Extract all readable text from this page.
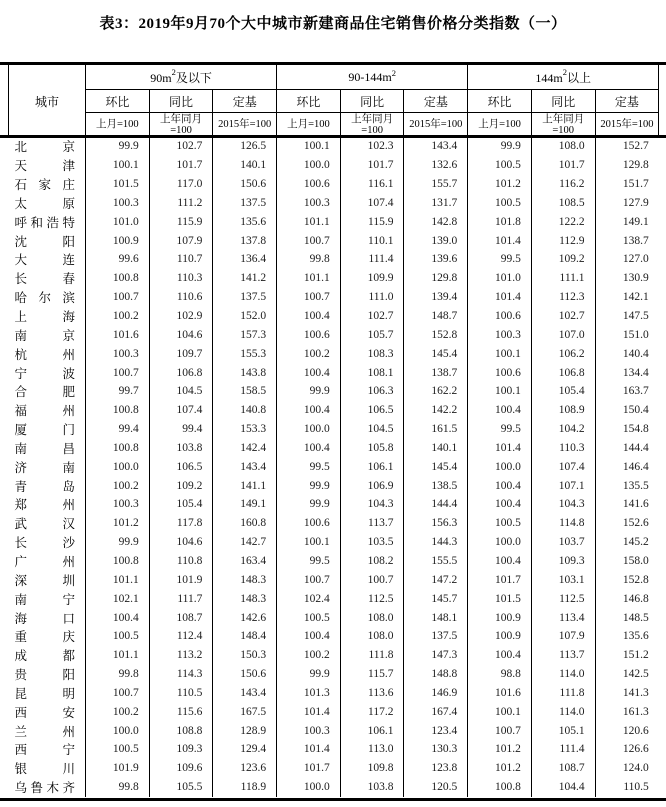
表3：2019年9月70个大中城市新建商品住宅销售价格分类指数（一）
城市	$90m^2$及以下			$90-144m^2$			$144m^2$以上		
	环比	同比	定基	环比	同比	定基	环比	同比	定基
	上月=100	上年同月=100	2015年=100	上月=100	上年同月=100	2015年=100	上月=100	上年同月=100	2015年=100
北京	99.9	102.7	126.5	100.1	102.3	143.4	99.9	108.0	152.7
天津	100.1	101.7	140.1	100.0	101.7	132.6	100.5	101.7	129.8
石家庄	101.5	117.0	150.6	100.6	116.1	155.7	101.2	116.2	151.7
太原	100.3	111.2	137.5	100.3	107.4	131.7	100.5	108.5	127.9
呼和浩特	101.0	115.9	135.6	101.1	115.9	142.8	101.8	122.2	149.1
沈阳	100.9	107.9	137.8	100.7	110.1	139.0	101.4	112.9	138.7
大连	99.6	110.7	136.4	99.8	111.4	139.6	99.5	109.2	127.0
长春	100.8	110.3	141.2	101.1	109.9	129.8	101.0	111.1	130.9
哈尔滨	100.7	110.6	137.5	100.7	111.0	139.4	101.4	112.3	142.1
上海	100.2	102.9	152.0	100.4	102.7	148.7	100.6	102.7	147.5
南京	101.6	104.6	157.3	100.6	105.7	152.8	100.3	107.0	151.0
杭州	100.3	109.7	155.3	100.2	108.3	145.4	100.1	106.2	140.4
宁波	100.7	106.8	143.8	100.4	108.1	138.7	100.6	106.8	134.4
合肥	99.7	104.5	158.5	99.9	106.3	162.2	100.1	105.4	163.7
福州	100.8	107.4	140.8	100.4	106.5	142.2	100.4	108.9	150.4
厦门	99.4	99.4	153.3	100.0	104.5	161.5	99.5	104.2	154.8
南昌	100.8	103.8	142.4	100.4	105.8	140.1	101.4	110.3	144.4
济南	100.0	106.5	143.4	99.5	106.1	145.4	100.0	107.4	146.4
青岛	100.2	109.2	141.1	99.9	106.9	138.5	100.4	107.1	135.5
郑州	100.3	105.4	149.1	99.9	104.3	144.4	100.4	104.3	141.6
武汉	101.2	117.8	160.8	100.6	113.7	156.3	100.5	114.8	152.6
长沙	99.9	104.6	142.7	100.1	103.5	144.3	100.0	103.7	145.2
广州	100.8	110.8	163.4	99.5	108.2	155.5	100.4	109.3	158.0
深圳	101.1	101.9	148.3	100.7	100.7	147.2	101.7	103.1	152.8
南宁	102.1	111.7	148.3	102.4	112.5	145.7	101.5	112.5	146.8
海口	100.4	108.7	142.6	100.5	108.0	148.1	100.9	113.4	148.5
重庆	100.5	112.4	148.4	100.4	108.0	137.5	100.9	107.9	135.6
成都	101.1	113.2	150.3	100.2	111.8	147.3	100.4	113.7	151.2
贵阳	99.8	114.3	150.6	99.9	115.7	148.8	98.8	114.0	142.5
昆明	100.7	110.5	143.4	101.3	113.6	146.9	101.6	111.8	141.3
西安	100.2	115.6	167.5	101.4	117.2	167.4	100.1	114.0	161.3
兰州	100.0	108.8	128.9	100.3	106.1	123.4	100.7	105.1	120.6
西宁	100.5	109.3	129.4	101.4	113.0	130.3	101.2	111.4	126.6
银川	101.9	109.6	123.6	101.7	109.8	123.8	101.2	108.7	124.0
乌鲁木齐	99.8	105.5	118.9	100.0	103.8	120.5	100.8	104.4	110.5
